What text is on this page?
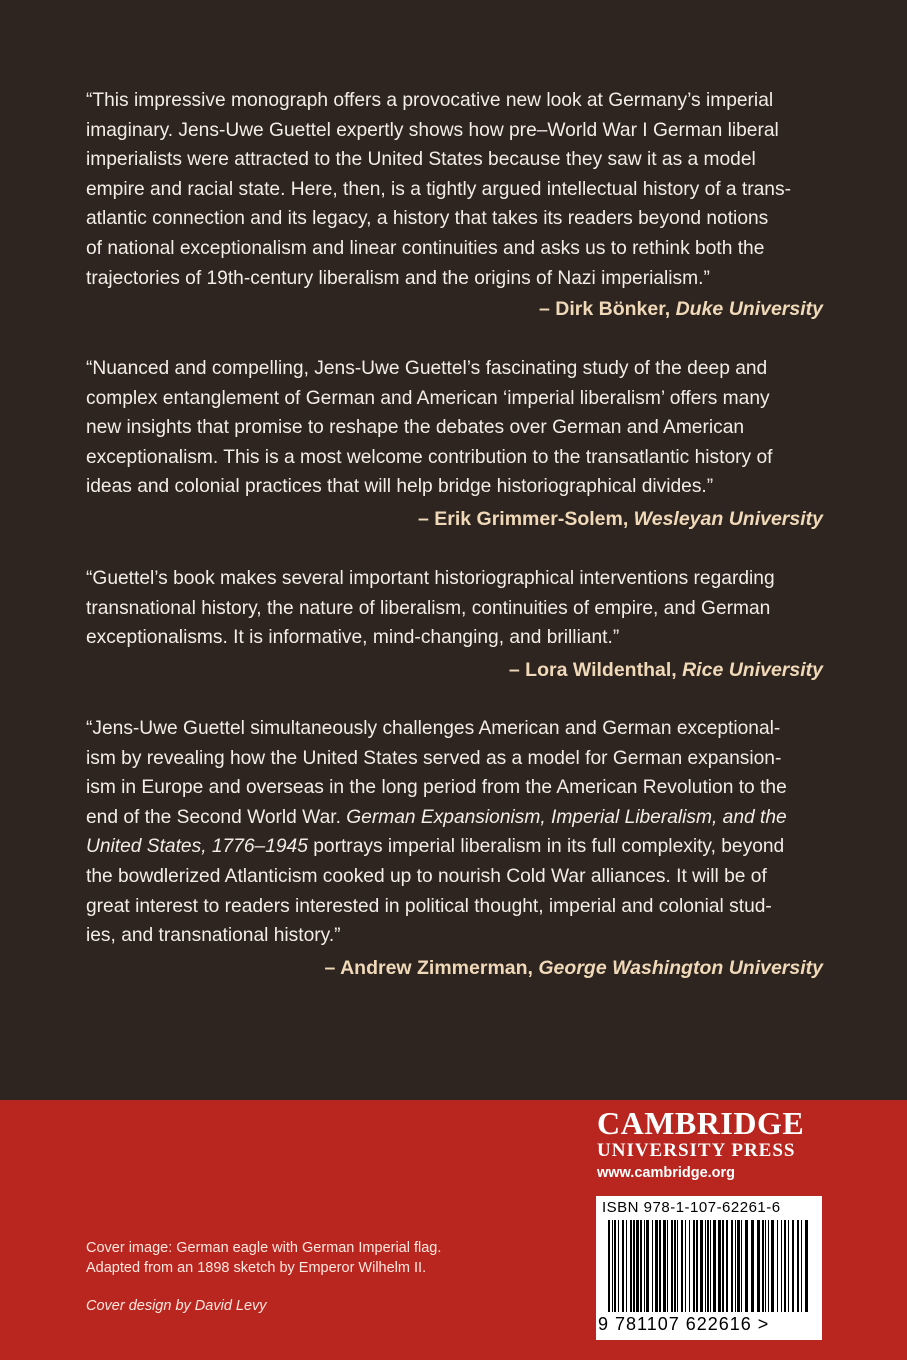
“This impressive monograph offers a provocative new look at Germany’s imperial
imaginary. Jens-Uwe Guettel expertly shows how pre–World War I German liberal
imperialists were attracted to the United States because they saw it as a model
empire and racial state. Here, then, is a tightly argued intellectual history of a trans-
atlantic connection and its legacy, a history that takes its readers beyond notions
of national exceptionalism and linear continuities and asks us to rethink both the
trajectories of 19th-century liberalism and the origins of Nazi imperialism.”
– Dirk Bönker, Duke University
“Nuanced and compelling, Jens-Uwe Guettel’s fascinating study of the deep and
complex entanglement of German and American ‘imperial liberalism’ offers many
new insights that promise to reshape the debates over German and American
exceptionalism. This is a most welcome contribution to the transatlantic history of
ideas and colonial practices that will help bridge historiographical divides.”
– Erik Grimmer-Solem, Wesleyan University
“Guettel’s book makes several important historiographical interventions regarding
transnational history, the nature of liberalism, continuities of empire, and German
exceptionalisms. It is informative, mind-changing, and brilliant.”
– Lora Wildenthal, Rice University
“Jens-Uwe Guettel simultaneously challenges American and German exceptional-
ism by revealing how the United States served as a model for German expansion-
ism in Europe and overseas in the long period from the American Revolution to the
end of the Second World War. German Expansionism, Imperial Liberalism, and the
United States, 1776–1945 portrays imperial liberalism in its full complexity, beyond
the bowdlerized Atlanticism cooked up to nourish Cold War alliances. It will be of
great interest to readers interested in political thought, imperial and colonial stud-
ies, and transnational history.”
– Andrew Zimmerman, George Washington University
CAMBRIDGE
UNIVERSITY PRESS
www.cambridge.org
ISBN 978-1-107-62261-6
9 781107 622616 >
Cover image: German eagle with German Imperial flag.
Adapted from an 1898 sketch by Emperor Wilhelm II.
Cover design by David Levy
